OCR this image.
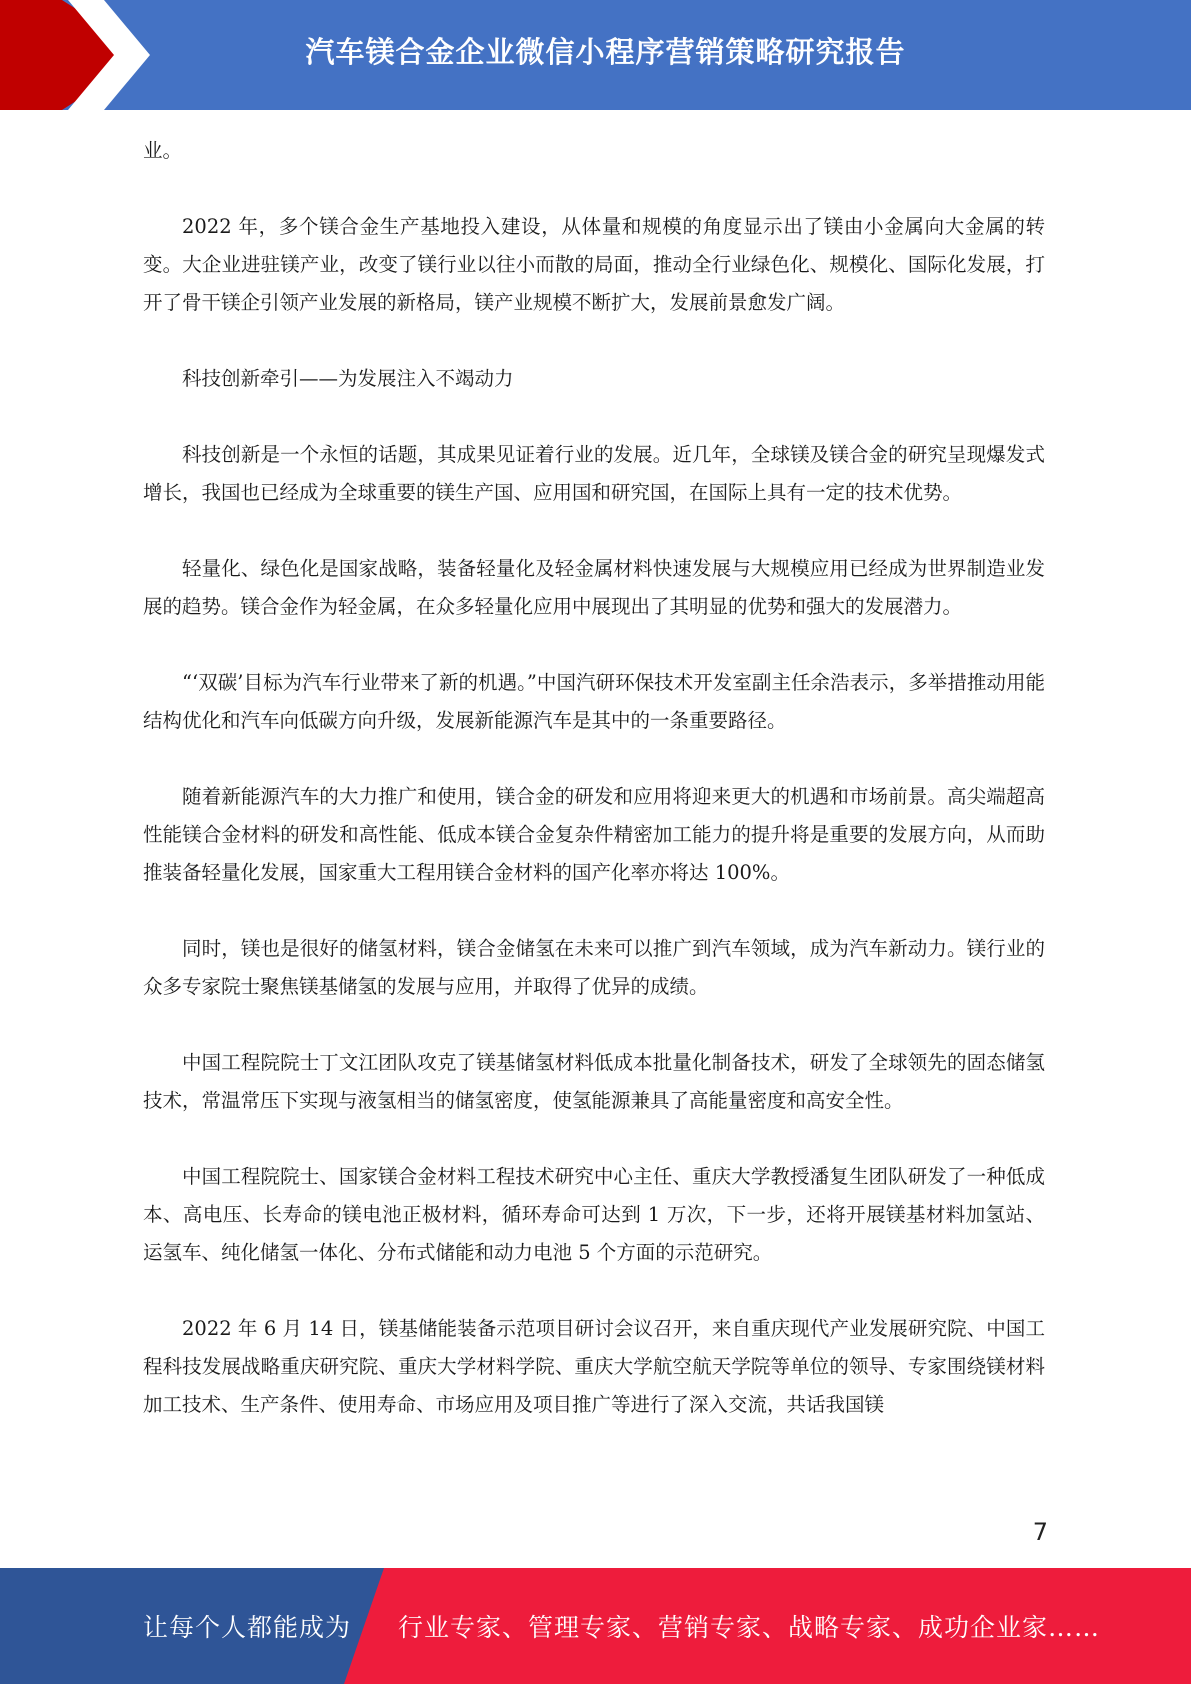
汽车镁合金企业微信小程序营销策略研究报告

业。

2022 年，多个镁合金生产基地投入建设，从体量和规模的角度显示出了镁由小金属向大金属的转变。大企业进驻镁产业，改变了镁行业以往小而散的局面，推动全行业绿色化、规模化、国际化发展，打开了骨干镁企引领产业发展的新格局，镁产业规模不断扩大，发展前景愈发广阔。

科技创新牵引——为发展注入不竭动力

科技创新是一个永恒的话题，其成果见证着行业的发展。近几年，全球镁及镁合金的研究呈现爆发式增长，我国也已经成为全球重要的镁生产国、应用国和研究国，在国际上具有一定的技术优势。

轻量化、绿色化是国家战略，装备轻量化及轻金属材料快速发展与大规模应用已经成为世界制造业发展的趋势。镁合金作为轻金属，在众多轻量化应用中展现出了其明显的优势和强大的发展潜力。

“‘双碳’目标为汽车行业带来了新的机遇。”中国汽研环保技术开发室副主任余浩表示，多举措推动用能结构优化和汽车向低碳方向升级，发展新能源汽车是其中的一条重要路径。

随着新能源汽车的大力推广和使用，镁合金的研发和应用将迎来更大的机遇和市场前景。高尖端超高性能镁合金材料的研发和高性能、低成本镁合金复杂件精密加工能力的提升将是重要的发展方向，从而助推装备轻量化发展，国家重大工程用镁合金材料的国产化率亦将达 100%。

同时，镁也是很好的储氢材料，镁合金储氢在未来可以推广到汽车领域，成为汽车新动力。镁行业的众多专家院士聚焦镁基储氢的发展与应用，并取得了优异的成绩。

中国工程院院士丁文江团队攻克了镁基储氢材料低成本批量化制备技术，研发了全球领先的固态储氢技术，常温常压下实现与液氢相当的储氢密度，使氢能源兼具了高能量密度和高安全性。

中国工程院院士、国家镁合金材料工程技术研究中心主任、重庆大学教授潘复生团队研发了一种低成本、高电压、长寿命的镁电池正极材料，循环寿命可达到 1 万次，下一步，还将开展镁基材料加氢站、运氢车、纯化储氢一体化、分布式储能和动力电池 5 个方面的示范研究。

2022 年 6 月 14 日，镁基储能装备示范项目研讨会议召开，来自重庆现代产业发展研究院、中国工程科技发展战略重庆研究院、重庆大学材料学院、重庆大学航空航天学院等单位的领导、专家围绕镁材料加工技术、生产条件、使用寿命、市场应用及项目推广等进行了深入交流，共话我国镁

7
让每个人都能成为 行业专家、管理专家、营销专家、战略专家、成功企业家……
